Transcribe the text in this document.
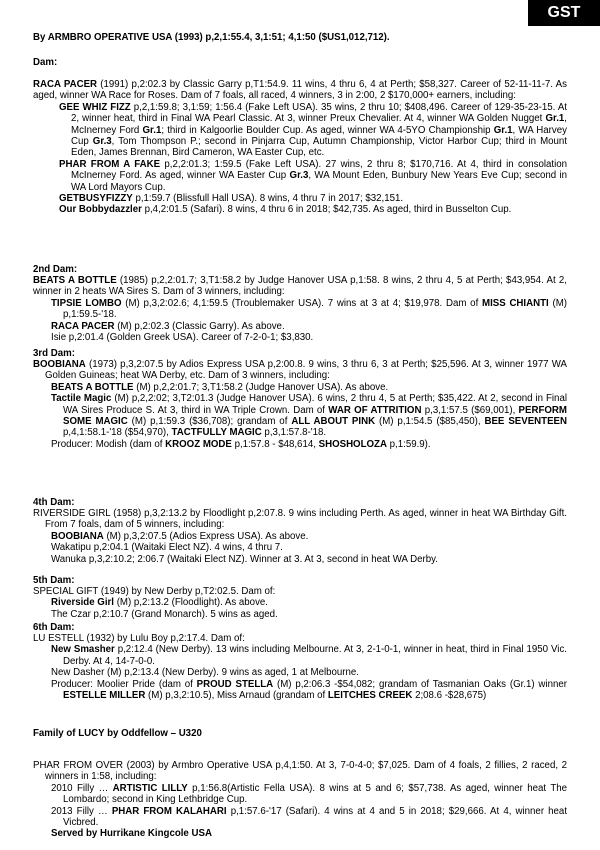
GST
By ARMBRO OPERATIVE USA (1993) p,2,1:55.4, 3,1:51; 4,1:50 ($US1,012,712).
Dam:
RACA PACER (1991) p,2:02.3 by Classic Garry p,T1:54.9. 11 wins, 4 thru 6, 4 at Perth; $58,327. Career of 52-11-11-7. As aged, winner WA Race for Roses. Dam of 7 foals, all raced, 4 winners, 3 in 2:00, 2 $170,000+ earners, including:
GEE WHIZ FIZZ p,2,1:59.8; 3,1:59; 1:56.4 (Fake Left USA). 35 wins, 2 thru 10; $408,496. Career of 129-35-23-15. At 2, winner heat, third in Final WA Pearl Classic. At 3, winner Preux Chevalier. At 4, winner WA Golden Nugget Gr.1, McInerney Ford Gr.1; third in Kalgoorlie Boulder Cup. As aged, winner WA 4-5YO Championship Gr.1, WA Harvey Cup Gr.3, Tom Thompson P.; second in Pinjarra Cup, Autumn Championship, Victor Harbor Cup; third in Mount Eden, James Brennan, Bird Cameron, WA Easter Cup, etc.
PHAR FROM A FAKE p,2,2:01.3; 1:59.5 (Fake Left USA). 27 wins, 2 thru 8; $170,716. At 4, third in consolation McInerney Ford. As aged, winner WA Easter Cup Gr.3, WA Mount Eden, Bunbury New Years Eve Cup; second in WA Lord Mayors Cup.
GETBUSYFIZZY p,1:59.7 (Blissfull Hall USA). 8 wins, 4 thru 7 in 2017; $32,151.
Our Bobbydazzler p,4,2:01.5 (Safari). 8 wins, 4 thru 6 in 2018; $42,735. As aged, third in Busselton Cup.
2nd Dam:
BEATS A BOTTLE (1985) p,2,2:01.7; 3,T1:58.2 by Judge Hanover USA p,1:58. 8 wins, 2 thru 4, 5 at Perth; $43,954. At 2, winner in 2 heats WA Sires S. Dam of 3 winners, including:
TIPSIE LOMBO (M) p,3,2:02.6; 4,1:59.5 (Troublemaker USA). 7 wins at 3 at 4; $19,978. Dam of MISS CHIANTI (M) p,1:59.5-'18.
RACA PACER (M) p,2:02.3 (Classic Garry). As above.
Isie p,2:01.4 (Golden Greek USA). Career of 7-2-0-1; $3,830.
3rd Dam:
BOOBIANA (1973) p,3,2:07.5 by Adios Express USA p,2:00.8. 9 wins, 3 thru 6, 3 at Perth; $25,596. At 3, winner 1977 WA Golden Guineas; heat WA Derby, etc. Dam of 3 winners, including:
BEATS A BOTTLE (M) p,2,2:01.7; 3,T1:58.2 (Judge Hanover USA). As above.
Tactile Magic (M) p,2,2:02; 3,T2:01.3 (Judge Hanover USA). 6 wins, 2 thru 4, 5 at Perth; $35,422. At 2, second in Final WA Sires Produce S. At 3, third in WA Triple Crown. Dam of WAR OF ATTRITION p,3,1:57.5 ($69,001), PERFORM SOME MAGIC (M) p,1:59.3 ($36,708); grandam of ALL ABOUT PINK (M) p,1:54.5 ($85,450), BEE SEVENTEEN p,4,1:58.1-'18 ($54,970), TACTFULLY MAGIC p,3,1:57.8-'18.
Producer: Modish (dam of KROOZ MODE p,1:57.8 - $48,614, SHOSHOLOZA p,1:59.9).
4th Dam:
RIVERSIDE GIRL (1958) p,3,2:13.2 by Floodlight p,2:07.8. 9 wins including Perth. As aged, winner in heat WA Birthday Gift. From 7 foals, dam of 5 winners, including:
BOOBIANA (M) p,3,2:07.5 (Adios Express USA). As above.
Wakatipu p,2:04.1 (Waitaki Elect NZ). 4 wins, 4 thru 7.
Wanuka p,3,2:10.2; 2:06.7 (Waitaki Elect NZ). Winner at 3. At 3, second in heat WA Derby.
5th Dam:
SPECIAL GIFT (1949) by New Derby p,T2:02.5. Dam of:
Riverside Girl (M) p,2:13.2 (Floodlight). As above.
The Czar p,2:10.7 (Grand Monarch). 5 wins as aged.
6th Dam:
LU ESTELL (1932) by Lulu Boy p,2:17.4. Dam of:
New Smasher p,2:12.4 (New Derby). 13 wins including Melbourne. At 3, 2-1-0-1, winner in heat, third in Final 1950 Vic. Derby. At 4, 14-7-0-0.
New Dasher (M) p,2:13.4 (New Derby). 9 wins as aged, 1 at Melbourne.
Producer: Moolier Pride (dam of PROUD STELLA (M) p,2:06.3 -$54,082; grandam of Tasmanian Oaks (Gr.1) winner ESTELLE MILLER (M) p,3,2:10.5), Miss Arnaud (grandam of LEITCHES CREEK 2;08.6 -$28,675)
Family of LUCY by Oddfellow – U320
PHAR FROM OVER (2003) by Armbro Operative USA p,4,1:50. At 3, 7-0-4-0; $7,025. Dam of 4 foals, 2 fillies, 2 raced, 2 winners in 1:58, including:
2010 Filly … ARTISTIC LILLY p,1:56.8(Artistic Fella USA). 8 wins at 5 and 6; $57,738. As aged, winner heat The Lombardo; second in King Lethbridge Cup.
2013 Filly … PHAR FROM KALAHARI p,1:57.6-'17 (Safari). 4 wins at 4 and 5 in 2018; $29,666. At 4, winner heat Vicbred.
Served by Hurrikane Kingcole USA
